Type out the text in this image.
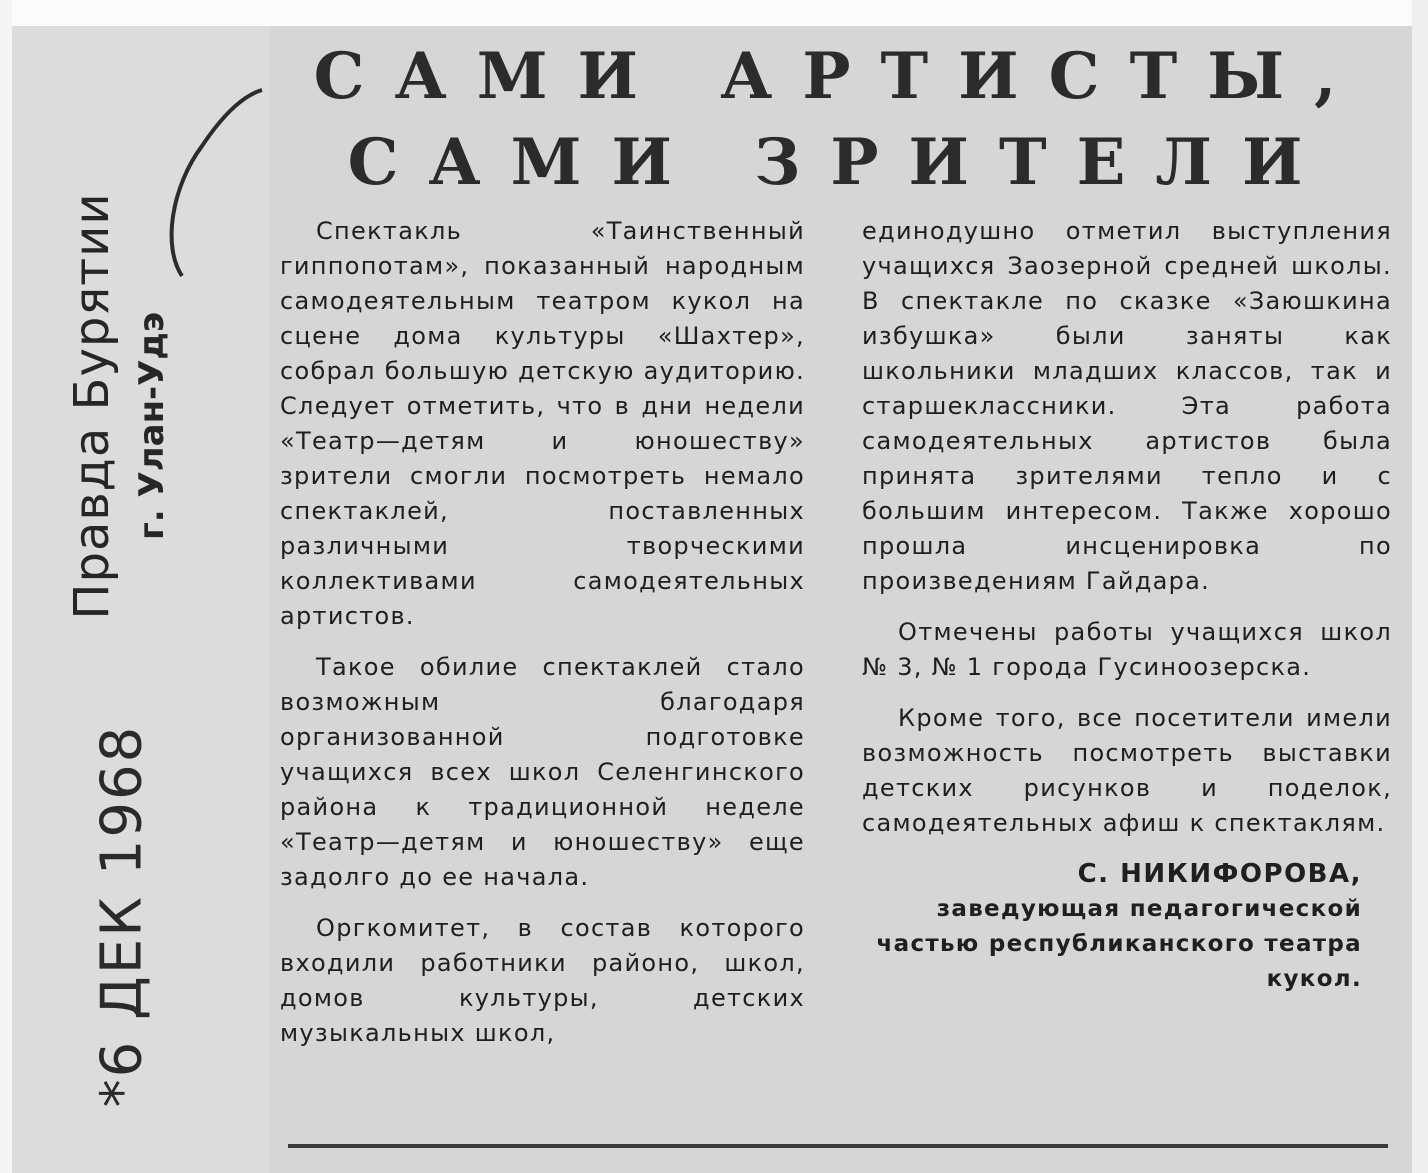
Правда Бурятии г. Улан-Удэ
*6 ДЕК 1968
САМИ АРТИСТЫ,
САМИ ЗРИТЕЛИ

Спектакль «Таинственный гиппопотам», показанный народным самодеятельным театром кукол на сцене дома культуры «Шахтер», собрал большую детскую аудиторию. Следует отметить, что в дни недели «Театр—детям и юношеству» зрители смогли посмотреть немало спектаклей, поставленных различными творческими коллективами самодеятельных артистов.

Такое обилие спектаклей стало возможным благодаря организованной подготовке учащихся всех школ Селенгинского района к традиционной неделе «Театр—детям и юношеству» еще задолго до ее начала.

Оргкомитет, в состав которого входили работники районо, школ, домов культуры, детских музыкальных школ,

единодушно отметил выступления учащихся Заозерной средней школы. В спектакле по сказке «Заюшкина избушка» были заняты как школьники младших классов, так и старшеклассники. Эта работа самодеятельных артистов была принята зрителями тепло и с большим интересом. Также хорошо прошла инсценировка по произведениям Гайдара.

Отмечены работы учащихся школ № 3, № 1 города Гусиноозерска.

Кроме того, все посетители имели возможность посмотреть выставки детских рисунков и поделок, самодеятельных афиш к спектаклям.

С. НИКИФОРОВА,
заведующая педагогической частью республиканского театра кукол.
